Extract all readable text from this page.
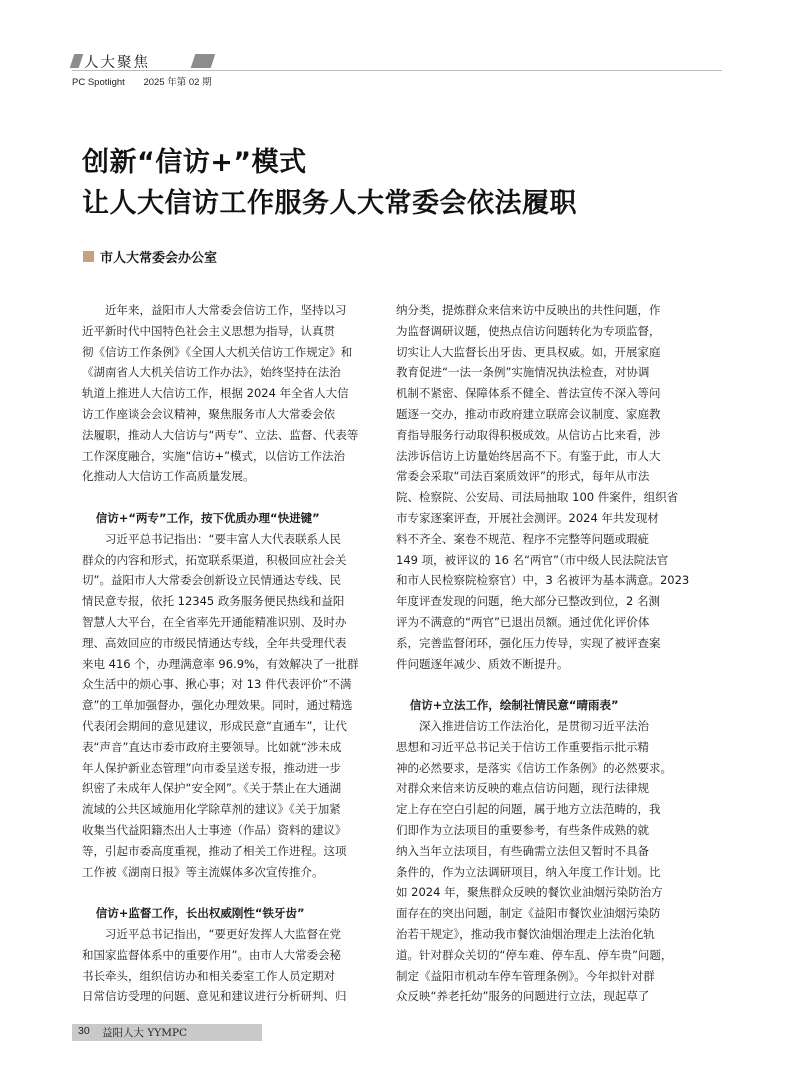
人大聚焦
PC Spotlight 2025 年第 02 期
创新“信访+”模式
让人大信访工作服务人大常委会依法履职
市人大常委会办公室
近年来，益阳市人大常委会信访工作，坚持以习
近平新时代中国特色社会主义思想为指导，认真贯
彻《信访工作条例》《全国人大机关信访工作规定》和
《湖南省人大机关信访工作办法》，始终坚持在法治
轨道上推进人大信访工作，根据 2024 年全省人大信
访工作座谈会会议精神，聚焦服务市人大常委会依
法履职，推动人大信访与“两专”、立法、监督、代表等
工作深度融合，实施“信访+”模式，以信访工作法治
化推动人大信访工作高质量发展。
信访+“两专”工作，按下优质办理“快进键”
习近平总书记指出：“要丰富人大代表联系人民
群众的内容和形式，拓宽联系渠道，积极回应社会关
切”。益阳市人大常委会创新设立民情通达专线、民
情民意专报，依托 12345 政务服务便民热线和益阳
智慧人大平台，在全省率先开通能精准识别、及时办
理、高效回应的市级民情通达专线，全年共受理代表
来电 416 个，办理满意率 96.9%，有效解决了一批群
众生活中的烦心事、揪心事；对 13 件代表评价“不满
意”的工单加强督办，强化办理效果。同时，通过精选
代表闭会期间的意见建议，形成民意“直通车”，让代
表“声音”直达市委市政府主要领导。比如就“涉未成
年人保护新业态管理”向市委呈送专报，推动进一步
织密了未成年人保护“安全网”。《关于禁止在大通湖
流域的公共区域施用化学除草剂的建议》《关于加紧
收集当代益阳籍杰出人士事迹（作品）资料的建议》
等，引起市委高度重视，推动了相关工作进程。这项
工作被《湖南日报》等主流媒体多次宣传推介。
信访+监督工作，长出权威刚性“铁牙齿”
习近平总书记指出，“要更好发挥人大监督在党
和国家监督体系中的重要作用”。由市人大常委会秘
书长牵头，组织信访办和相关委室工作人员定期对
日常信访受理的问题、意见和建议进行分析研判、归
纳分类，提炼群众来信来访中反映出的共性问题，作
为监督调研议题，使热点信访问题转化为专项监督，
切实让人大监督长出牙齿、更具权威。如，开展家庭
教育促进“一法一条例”实施情况执法检查，对协调
机制不紧密、保障体系不健全、普法宣传不深入等问
题逐一交办，推动市政府建立联席会议制度、家庭教
育指导服务行动取得积极成效。从信访占比来看，涉
法涉诉信访上访量始终居高不下。有鉴于此，市人大
常委会采取“司法百案质效评”的形式，每年从市法
院、检察院、公安局、司法局抽取 100 件案件，组织省
市专家逐案评查，开展社会测评。2024 年共发现材
料不齐全、案卷不规范、程序不完整等问题或瑕疵
149 项，被评议的 16 名“两官”（市中级人民法院法官
和市人民检察院检察官）中，3 名被评为基本满意。2023
年度评查发现的问题，绝大部分已整改到位，2 名测
评为不满意的“两官”已退出员额。通过优化评价体
系，完善监督闭环，强化压力传导，实现了被评查案
件问题逐年减少、质效不断提升。
信访+立法工作，绘制社情民意“晴雨表”
深入推进信访工作法治化，是贯彻习近平法治
思想和习近平总书记关于信访工作重要指示批示精
神的必然要求，是落实《信访工作条例》的必然要求。
对群众来信来访反映的难点信访问题，现行法律规
定上存在空白引起的问题，属于地方立法范畴的，我
们即作为立法项目的重要参考，有些条件成熟的就
纳入当年立法项目，有些确需立法但又暂时不具备
条件的，作为立法调研项目，纳入年度工作计划。比
如 2024 年，聚焦群众反映的餐饮业油烟污染防治方
面存在的突出问题，制定《益阳市餐饮业油烟污染防
治若干规定》，推动我市餐饮油烟治理走上法治化轨
道。针对群众关切的“停车难、停车乱、停车贵”问题，
制定《益阳市机动车停车管理条例》。今年拟针对群
众反映“养老托幼”服务的问题进行立法，现起草了
30 益阳人大 YYMPC
